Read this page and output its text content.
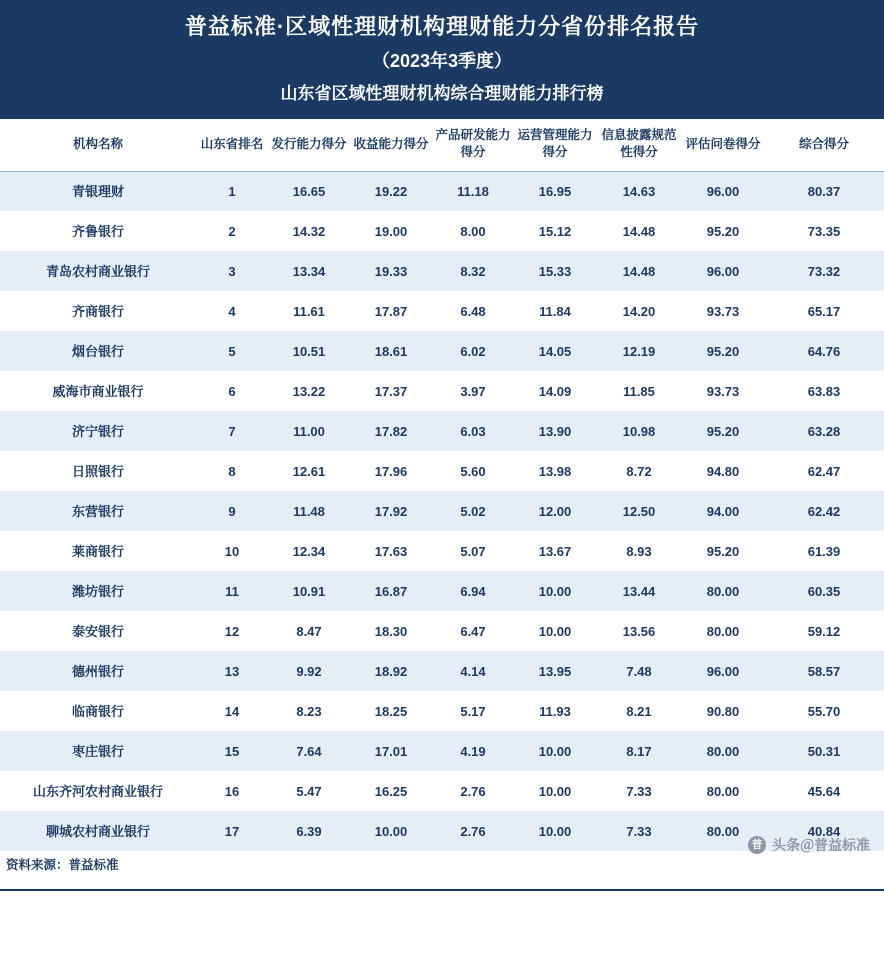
普益标准·区域性理财机构理财能力分省份排名报告
（2023年3季度）
山东省区域性理财机构综合理财能力排行榜
机构名称	山东省排名	发行能力得分	收益能力得分	产品研发能力得分	运营管理能力得分	信息披露规范性得分	评估问卷得分	综合得分
青银理财	1	16.65	19.22	11.18	16.95	14.63	96.00	80.37
齐鲁银行	2	14.32	19.00	8.00	15.12	14.48	95.20	73.35
青岛农村商业银行	3	13.34	19.33	8.32	15.33	14.48	96.00	73.32
齐商银行	4	11.61	17.87	6.48	11.84	14.20	93.73	65.17
烟台银行	5	10.51	18.61	6.02	14.05	12.19	95.20	64.76
威海市商业银行	6	13.22	17.37	3.97	14.09	11.85	93.73	63.83
济宁银行	7	11.00	17.82	6.03	13.90	10.98	95.20	63.28
日照银行	8	12.61	17.96	5.60	13.98	8.72	94.80	62.47
东营银行	9	11.48	17.92	5.02	12.00	12.50	94.00	62.42
莱商银行	10	12.34	17.63	5.07	13.67	8.93	95.20	61.39
潍坊银行	11	10.91	16.87	6.94	10.00	13.44	80.00	60.35
泰安银行	12	8.47	18.30	6.47	10.00	13.56	80.00	59.12
德州银行	13	9.92	18.92	4.14	13.95	7.48	96.00	58.57
临商银行	14	8.23	18.25	5.17	11.93	8.21	90.80	55.70
枣庄银行	15	7.64	17.01	4.19	10.00	8.17	80.00	50.31
山东齐河农村商业银行	16	5.47	16.25	2.76	10.00	7.33	80.00	45.64
聊城农村商业银行	17	6.39	10.00	2.76	10.00	7.33	80.00	40.84
资料来源：普益标准
普 头条＠普益标准
